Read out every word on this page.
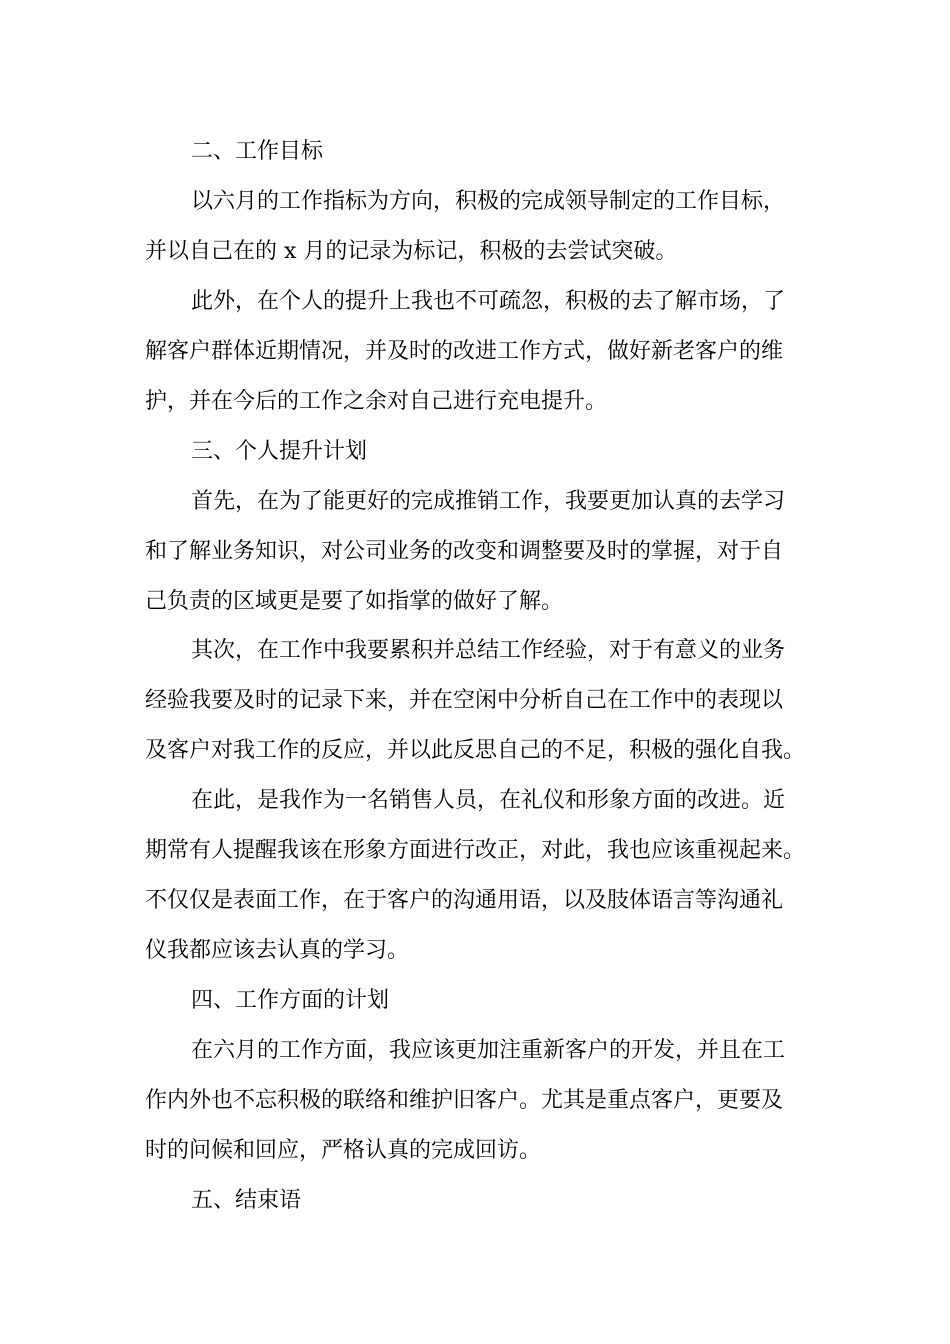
二、工作目标
以六月的工作指标为方向，积极的完成领导制定的工作目标，
并以自己在的 x 月的记录为标记，积极的去尝试突破。
此外，在个人的提升上我也不可疏忽，积极的去了解市场，了
解客户群体近期情况，并及时的改进工作方式，做好新老客户的维
护，并在今后的工作之余对自己进行充电提升。
三、个人提升计划
首先，在为了能更好的完成推销工作，我要更加认真的去学习
和了解业务知识，对公司业务的改变和调整要及时的掌握，对于自
己负责的区域更是要了如指掌的做好了解。
其次，在工作中我要累积并总结工作经验，对于有意义的业务
经验我要及时的记录下来，并在空闲中分析自己在工作中的表现以
及客户对我工作的反应，并以此反思自己的不足，积极的强化自我。
在此，是我作为一名销售人员，在礼仪和形象方面的改进。近
期常有人提醒我该在形象方面进行改正，对此，我也应该重视起来。
不仅仅是表面工作，在于客户的沟通用语，以及肢体语言等沟通礼
仪我都应该去认真的学习。
四、工作方面的计划
在六月的工作方面，我应该更加注重新客户的开发，并且在工
作内外也不忘积极的联络和维护旧客户。尤其是重点客户，更要及
时的问候和回应，严格认真的完成回访。
五、结束语
